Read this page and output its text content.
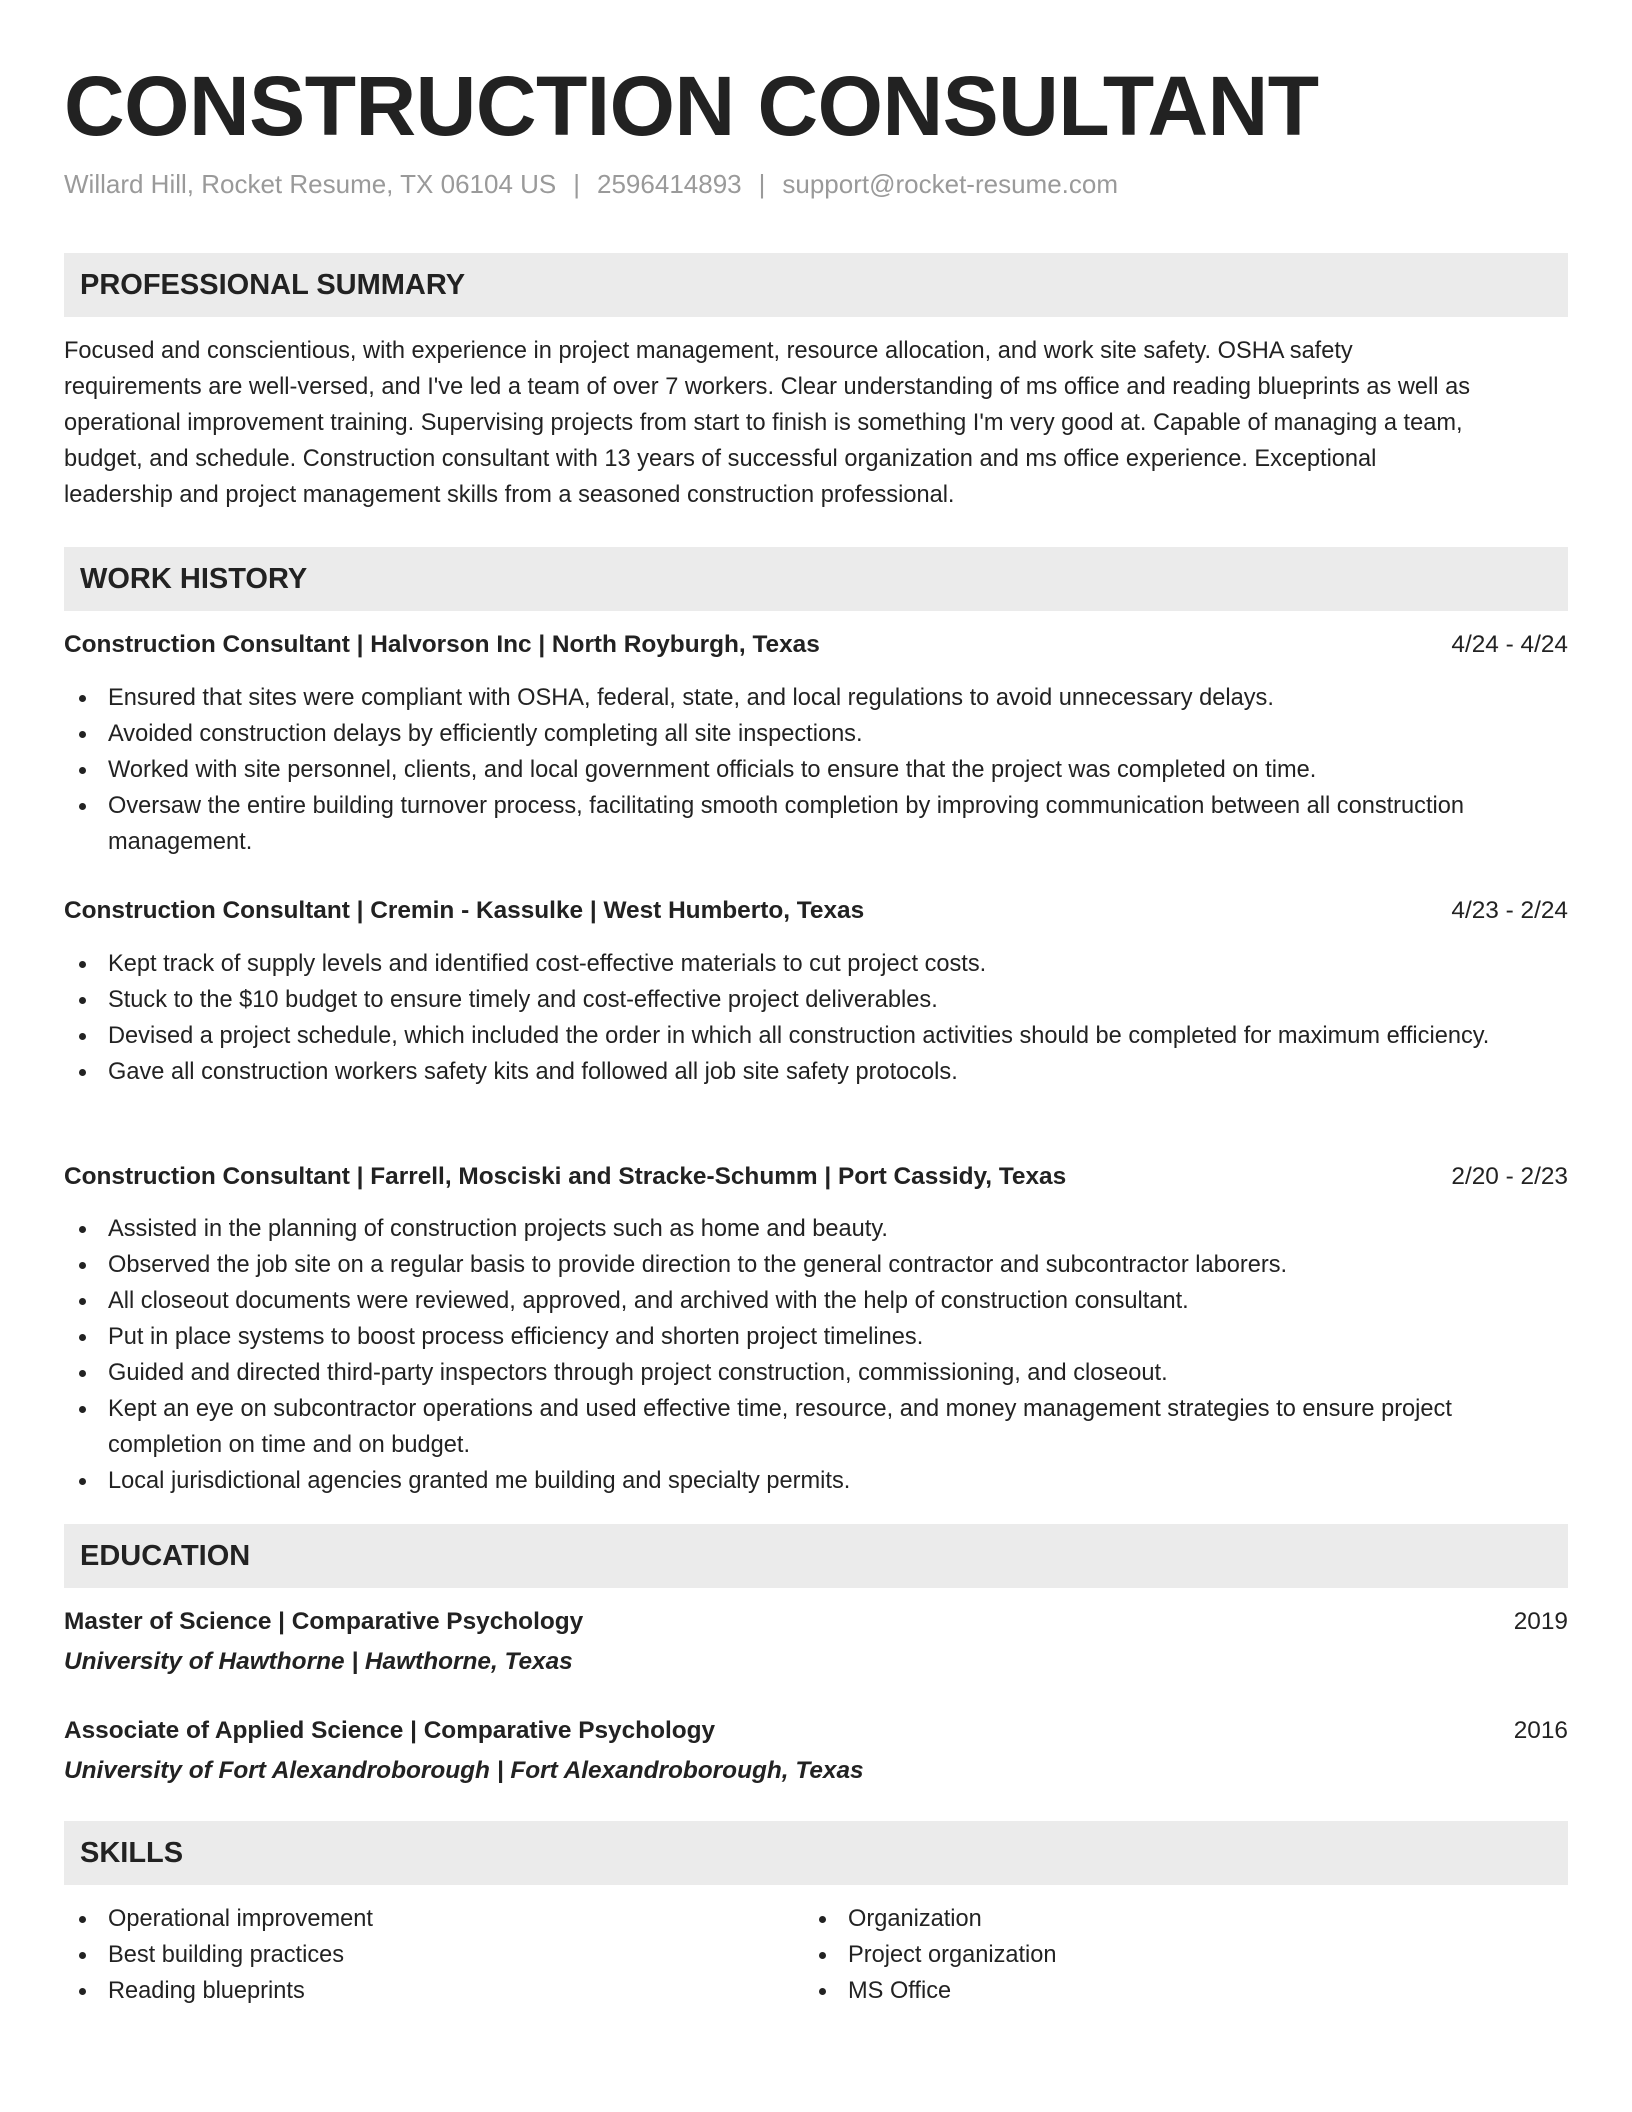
CONSTRUCTION CONSULTANT
Willard Hill, Rocket Resume, TX 06104 US | 2596414893 | support@rocket-resume.com
PROFESSIONAL SUMMARY
Focused and conscientious, with experience in project management, resource allocation, and work site safety. OSHA safety
requirements are well-versed, and I've led a team of over 7 workers. Clear understanding of ms office and reading blueprints as well as
operational improvement training. Supervising projects from start to finish is something I'm very good at. Capable of managing a team,
budget, and schedule. Construction consultant with 13 years of successful organization and ms office experience. Exceptional
leadership and project management skills from a seasoned construction professional.
WORK HISTORY
Construction Consultant | Halvorson Inc | North Royburgh, Texas	4/24 - 4/24
Ensured that sites were compliant with OSHA, federal, state, and local regulations to avoid unnecessary delays.
Avoided construction delays by efficiently completing all site inspections.
Worked with site personnel, clients, and local government officials to ensure that the project was completed on time.
Oversaw the entire building turnover process, facilitating smooth completion by improving communication between all construction management.
Construction Consultant | Cremin - Kassulke | West Humberto, Texas	4/23 - 2/24
Kept track of supply levels and identified cost-effective materials to cut project costs.
Stuck to the $10 budget to ensure timely and cost-effective project deliverables.
Devised a project schedule, which included the order in which all construction activities should be completed for maximum efficiency.
Gave all construction workers safety kits and followed all job site safety protocols.
Construction Consultant | Farrell, Mosciski and Stracke-Schumm | Port Cassidy, Texas	2/20 - 2/23
Assisted in the planning of construction projects such as home and beauty.
Observed the job site on a regular basis to provide direction to the general contractor and subcontractor laborers.
All closeout documents were reviewed, approved, and archived with the help of construction consultant.
Put in place systems to boost process efficiency and shorten project timelines.
Guided and directed third-party inspectors through project construction, commissioning, and closeout.
Kept an eye on subcontractor operations and used effective time, resource, and money management strategies to ensure project completion on time and on budget.
Local jurisdictional agencies granted me building and specialty permits.
EDUCATION
Master of Science | Comparative Psychology	2019
University of Hawthorne | Hawthorne, Texas
Associate of Applied Science | Comparative Psychology	2016
University of Fort Alexandroborough | Fort Alexandroborough, Texas
SKILLS
Operational improvement
Best building practices
Reading blueprints
Organization
Project organization
MS Office
